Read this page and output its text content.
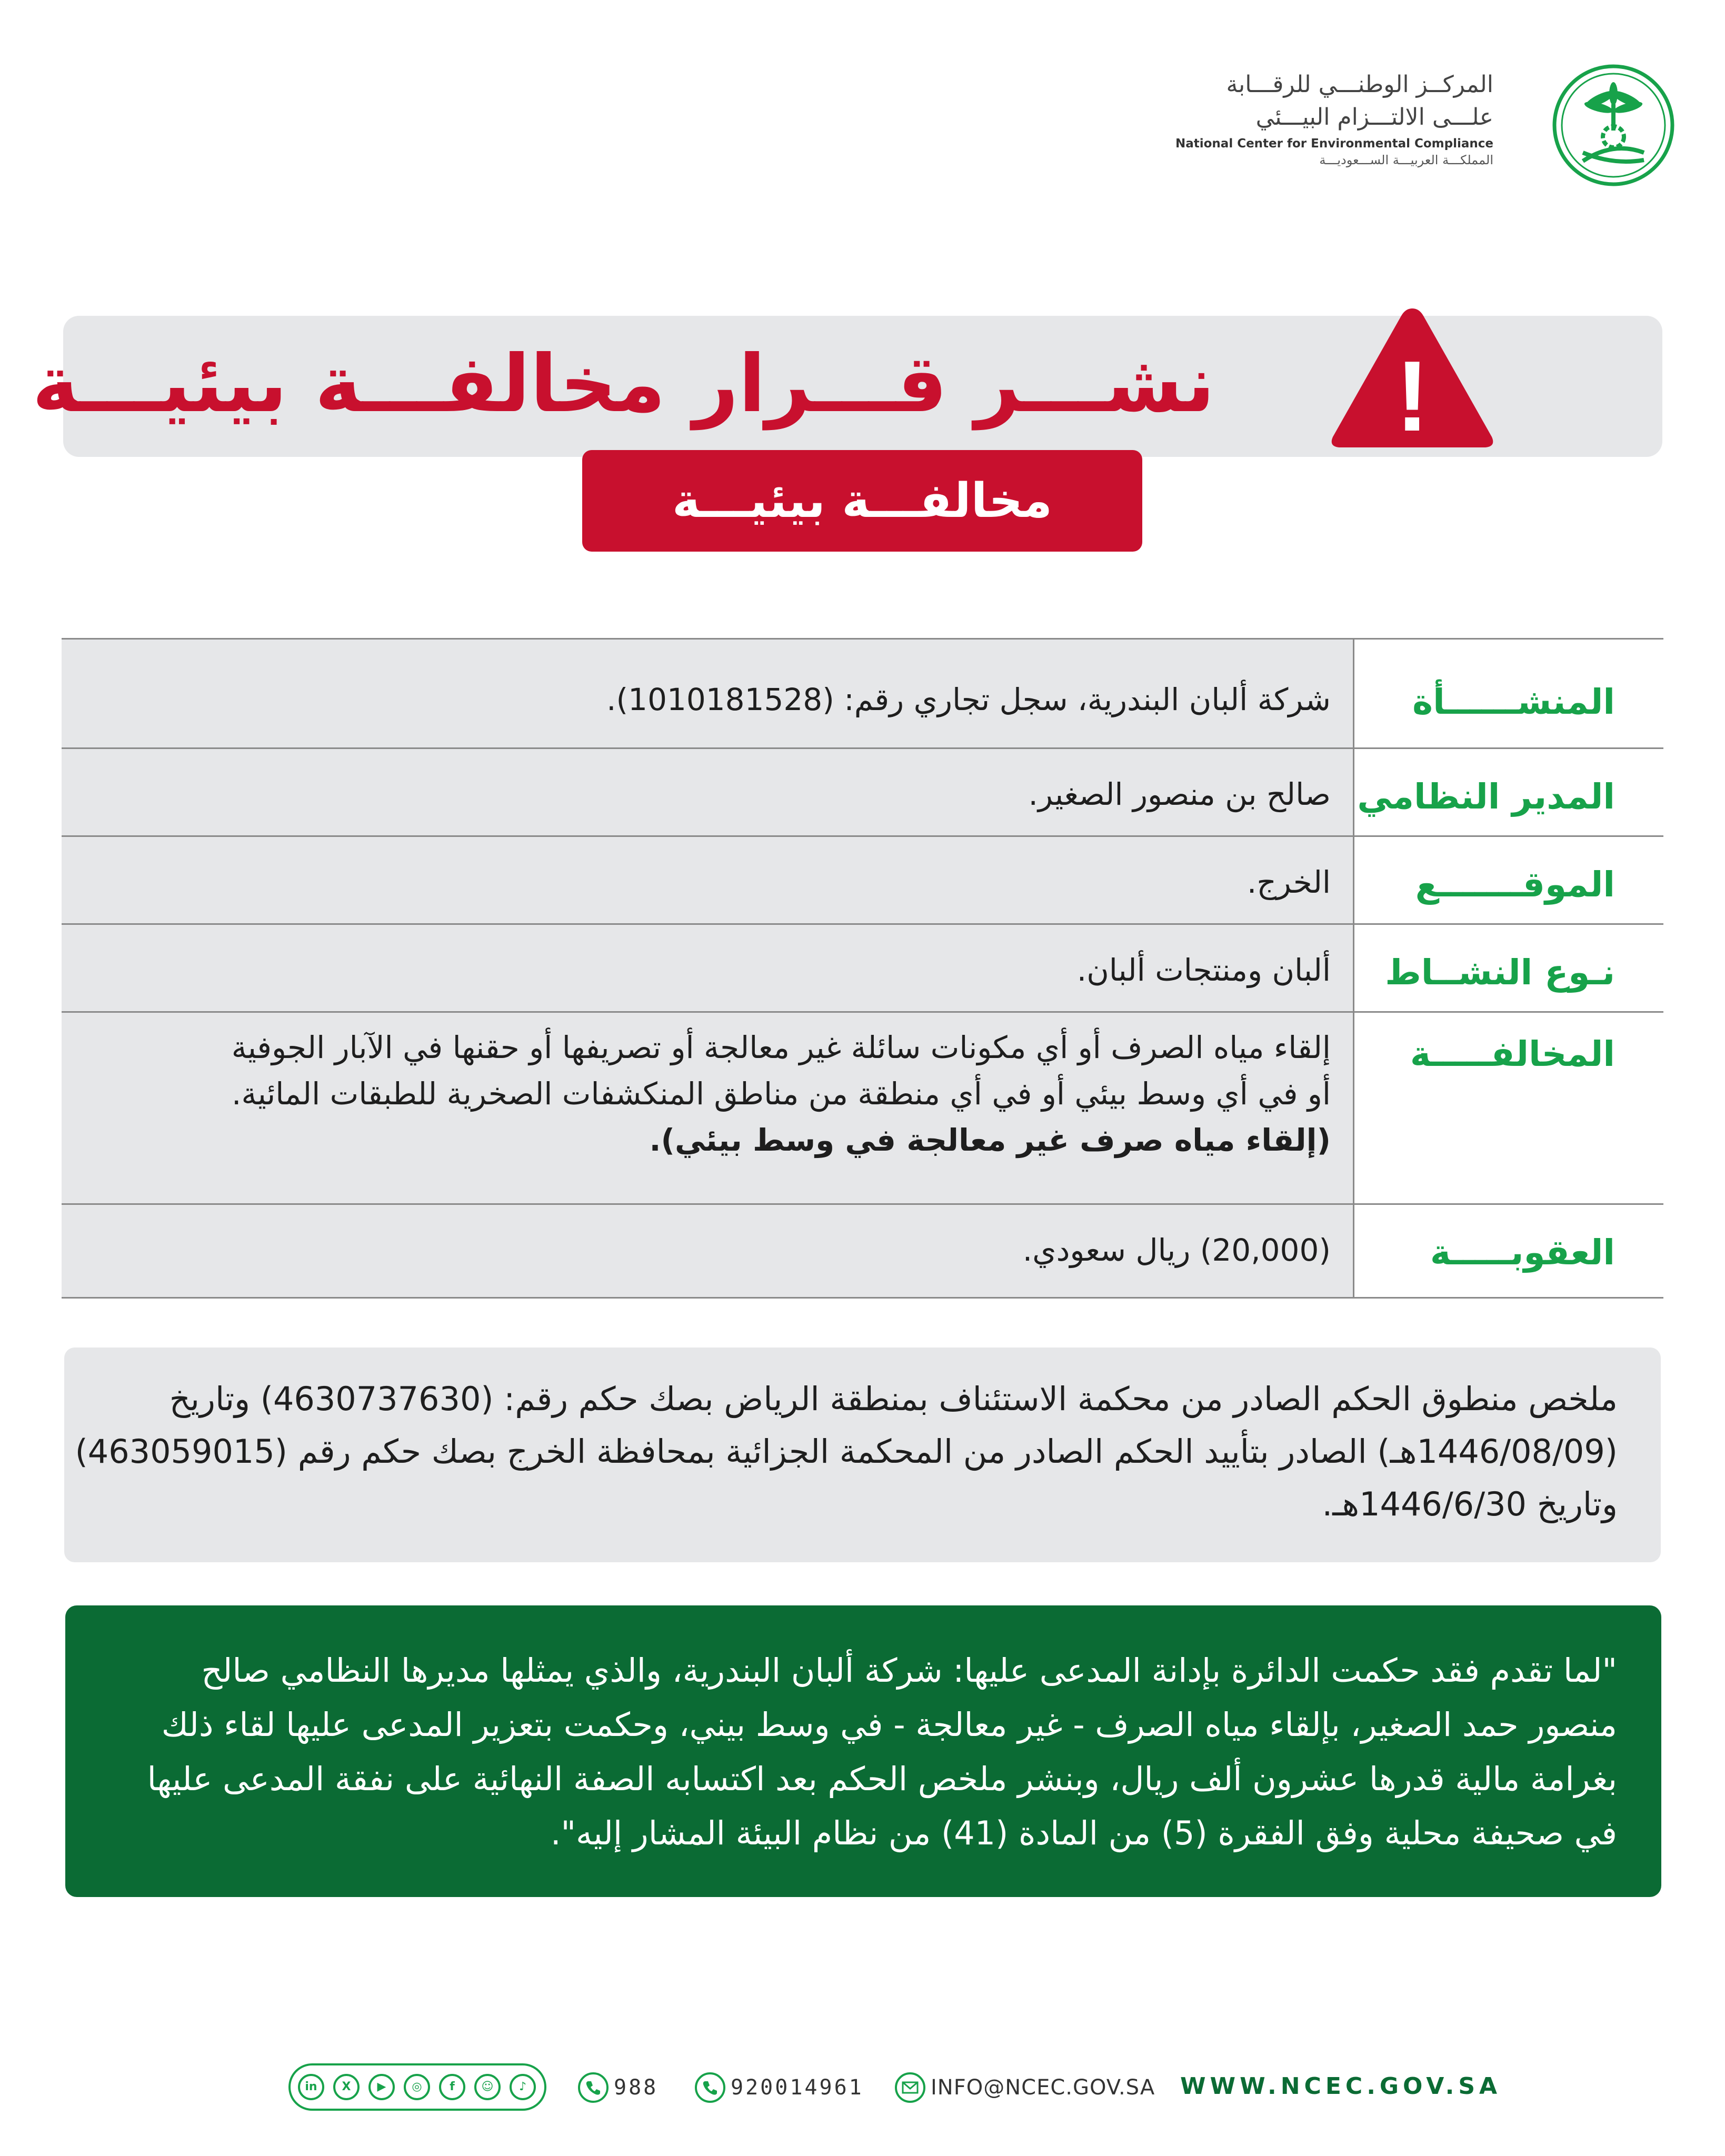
المركــز الوطنـــي للرقـــابة
علـــى الالتـــزام البيـــئي
National Center for Environmental Compliance
المملكـــة العربيـــة الســـعوديـــة
نشـــر قـــرار مخالفـــة بيئيـــة !
مخالفـــة بيئيـــة
المنشــــــأة
شركة ألبان البندرية، سجل تجاري رقم: (1010181528).
المدير النظامي
صالح بن منصور الصغير.
الموقـــــــع
الخرج.
نـوع النشــاط
ألبان ومنتجات ألبان.
المخالفـــــة
إلقاء مياه الصرف أو أي مكونات سائلة غير معالجة أو تصريفها أو حقنها في الآبار الجوفية
أو في أي وسط بيئي أو في أي منطقة من مناطق المنكشفات الصخرية للطبقات المائية.
(إلقاء مياه صرف غير معالجة في وسط بيئي).
العقوبـــــة
(20,000) ريال سعودي.
ملخص منطوق الحكم الصادر من محكمة الاستئناف بمنطقة الرياض بصك حكم رقم: (4630737630) وتاريخ
(1446/08/09هـ) الصادر بتأييد الحكم الصادر من المحكمة الجزائية بمحافظة الخرج بصك حكم رقم (463059015)
وتاريخ 1446/6/30هـ.
"لما تقدم فقد حكمت الدائرة بإدانة المدعى عليها: شركة ألبان البندرية، والذي يمثلها مديرها النظامي صالح
منصور حمد الصغير، بإلقاء مياه الصرف - غير معالجة - في وسط بيني، وحكمت بتعزير المدعى عليها لقاء ذلك
بغرامة مالية قدرها عشرون ألف ريال، وبنشر ملخص الحكم بعد اكتسابه الصفة النهائية على نفقة المدعى عليها
في صحيفة محلية وفق الفقرة (5) من المادة (41) من نظام البيئة المشار إليه".
in	X	▶	◎	f	☺	♪	988	920014961	INFO@NCEC.GOV.SA WWW.NCEC.GOV.SA
